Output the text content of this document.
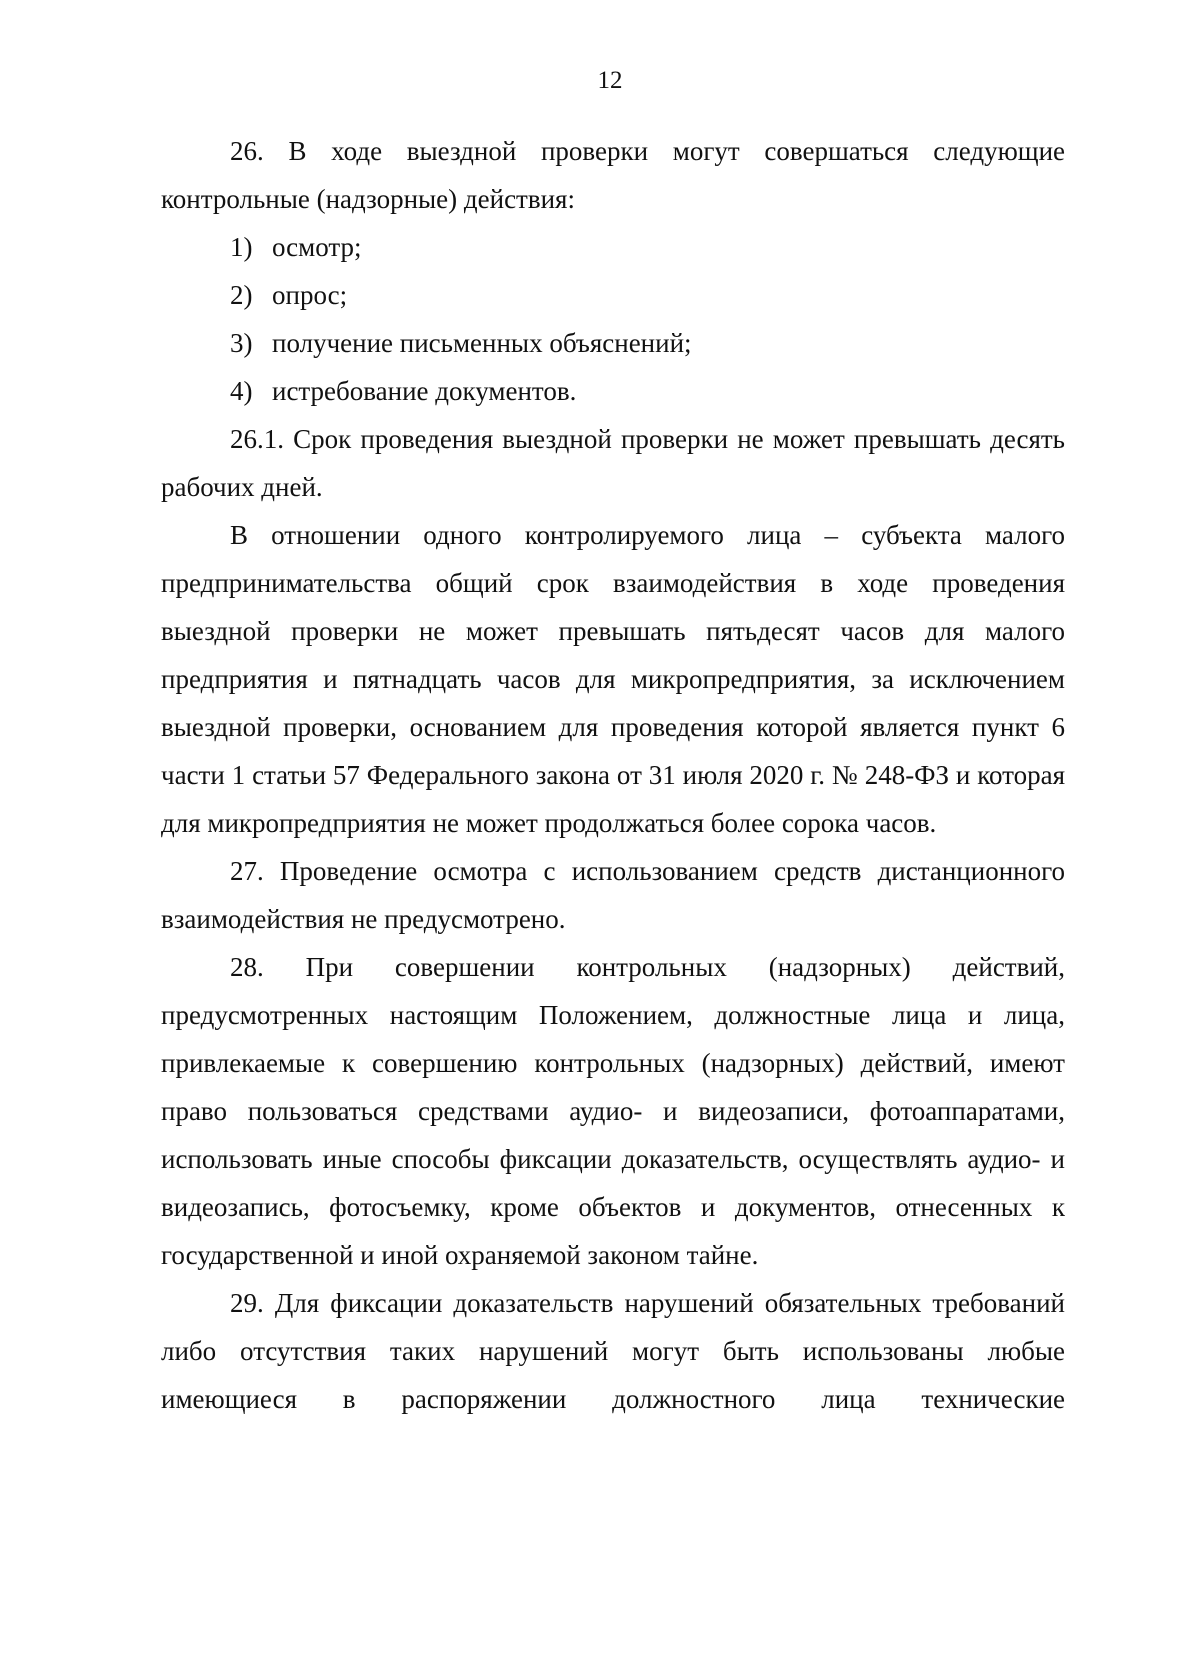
12

26. В ходе выездной проверки могут совершаться следующие контрольные (надзорные) действия:

1) осмотр;

2) опрос;

3) получение письменных объяснений;

4) истребование документов.

26.1. Срок проведения выездной проверки не может превышать десять рабочих дней.

В отношении одного контролируемого лица – субъекта малого предпринимательства общий срок взаимодействия в ходе проведения выездной проверки не может превышать пятьдесят часов для малого предприятия и пятнадцать часов для микропредприятия, за исключением выездной проверки, основанием для проведения которой является пункт 6 части 1 статьи 57 Федерального закона от 31 июля 2020 г. № 248-ФЗ и которая для микропредприятия не может продолжаться более сорока часов.

27. Проведение осмотра с использованием средств дистанционного взаимодействия не предусмотрено.

28. При совершении контрольных (надзорных) действий, предусмотренных настоящим Положением, должностные лица и лица, привлекаемые к совершению контрольных (надзорных) действий, имеют право пользоваться средствами аудио- и видеозаписи, фотоаппаратами, использовать иные способы фиксации доказательств, осуществлять аудио- и видеозапись, фотосъемку, кроме объектов и документов, отнесенных к государственной и иной охраняемой законом тайне.

29. Для фиксации доказательств нарушений обязательных требований либо отсутствия таких нарушений могут быть использованы любые имеющиеся в распоряжении должностного лица технические
